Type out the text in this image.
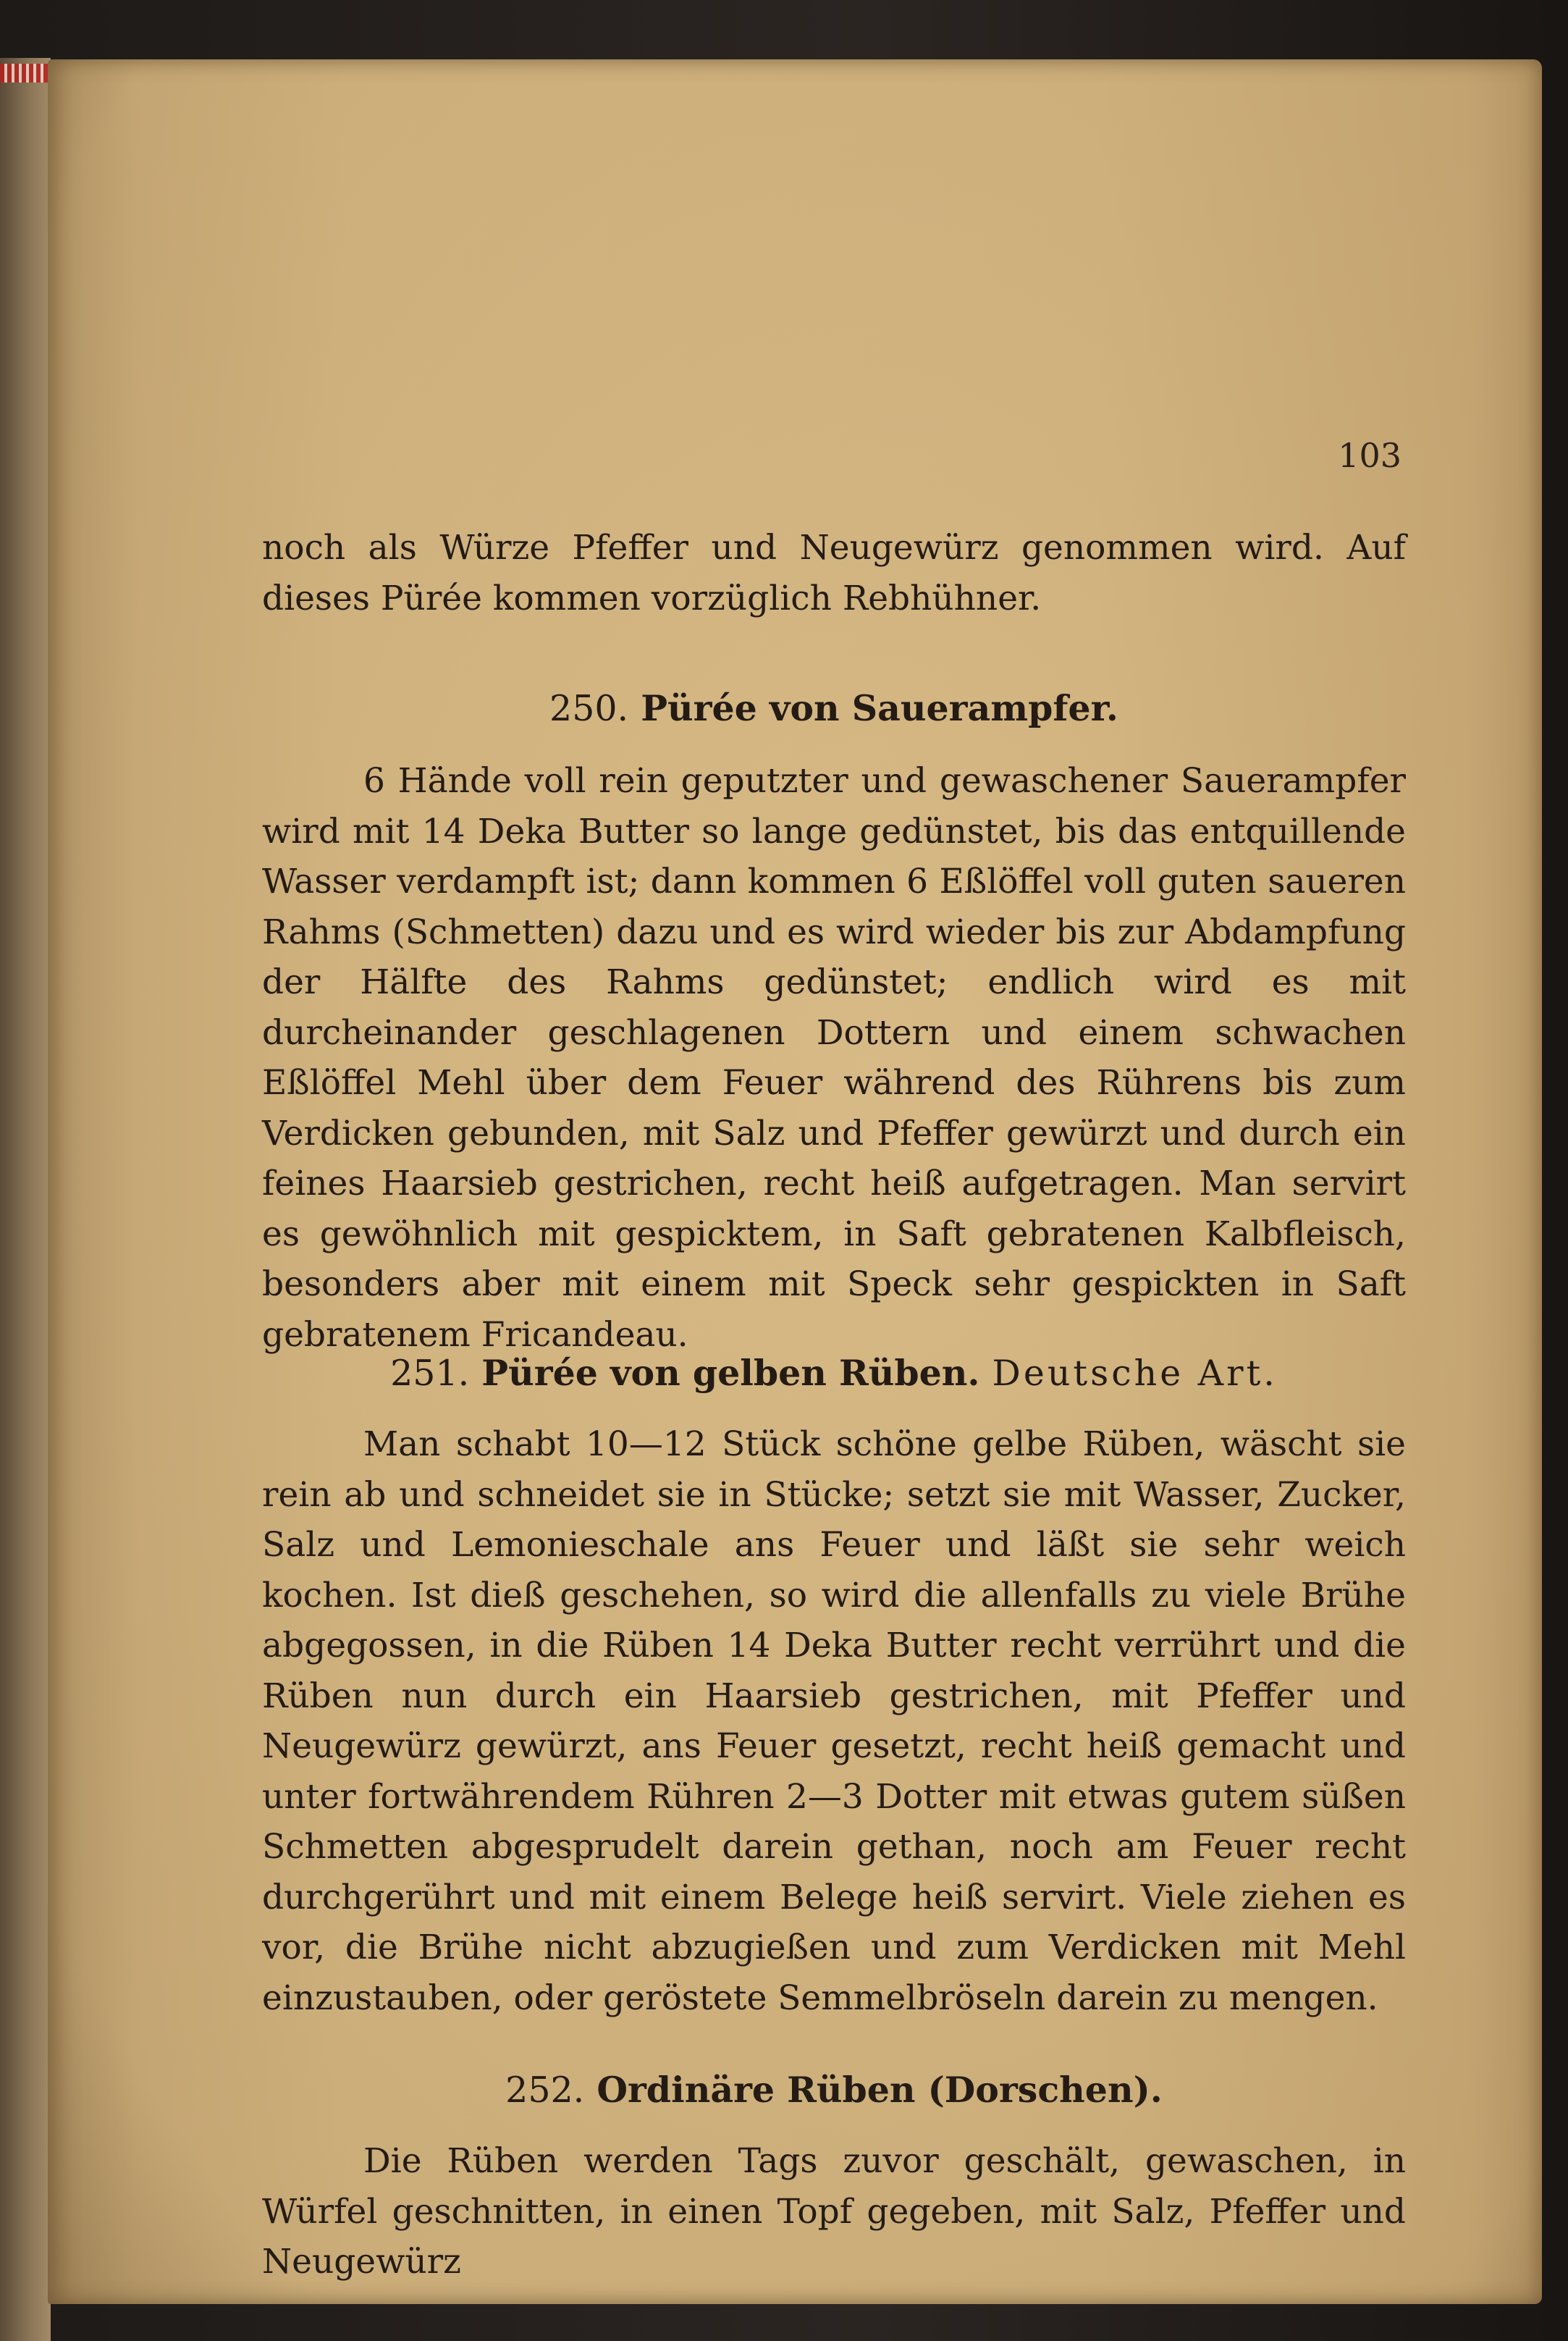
103

noch als Würze Pfeffer und Neugewürz genommen wird. Auf dieses Pürée kommen vorzüglich Rebhühner.

250. Pürée von Sauerampfer.

6 Hände voll rein geputzter und gewaschener Sauerampfer wird mit 14 Deka Butter so lange gedünstet, bis das entquillende Wasser verdampft ist; dann kommen 6 Eßlöffel voll guten saueren Rahms (Schmetten) dazu und es wird wieder bis zur Abdampfung der Hälfte des Rahms gedünstet; endlich wird es mit durcheinander geschlagenen Dottern und einem schwachen Eßlöffel Mehl über dem Feuer während des Rührens bis zum Verdicken gebunden, mit Salz und Pfeffer gewürzt und durch ein feines Haarsieb gestrichen, recht heiß aufgetragen. Man servirt es gewöhnlich mit gespicktem, in Saft gebratenen Kalbfleisch, besonders aber mit einem mit Speck sehr gespickten in Saft gebratenem Fricandeau.

251. Pürée von gelben Rüben. Deutsche Art.

Man schabt 10—12 Stück schöne gelbe Rüben, wäscht sie rein ab und schneidet sie in Stücke; setzt sie mit Wasser, Zucker, Salz und Lemonieschale ans Feuer und läßt sie sehr weich kochen. Ist dieß geschehen, so wird die allenfalls zu viele Brühe abgegossen, in die Rüben 14 Deka Butter recht verrührt und die Rüben nun durch ein Haarsieb gestrichen, mit Pfeffer und Neugewürz gewürzt, ans Feuer gesetzt, recht heiß gemacht und unter fortwährendem Rühren 2—3 Dotter mit etwas gutem süßen Schmetten abgesprudelt darein gethan, noch am Feuer recht durchgerührt und mit einem Belege heiß servirt. Viele ziehen es vor, die Brühe nicht abzugießen und zum Verdicken mit Mehl einzustauben, oder geröstete Semmelbröseln darein zu mengen.

252. Ordinäre Rüben (Dorschen).

Die Rüben werden Tags zuvor geschält, gewaschen, in Würfel geschnitten, in einen Topf gegeben, mit Salz, Pfeffer und Neugewürz
